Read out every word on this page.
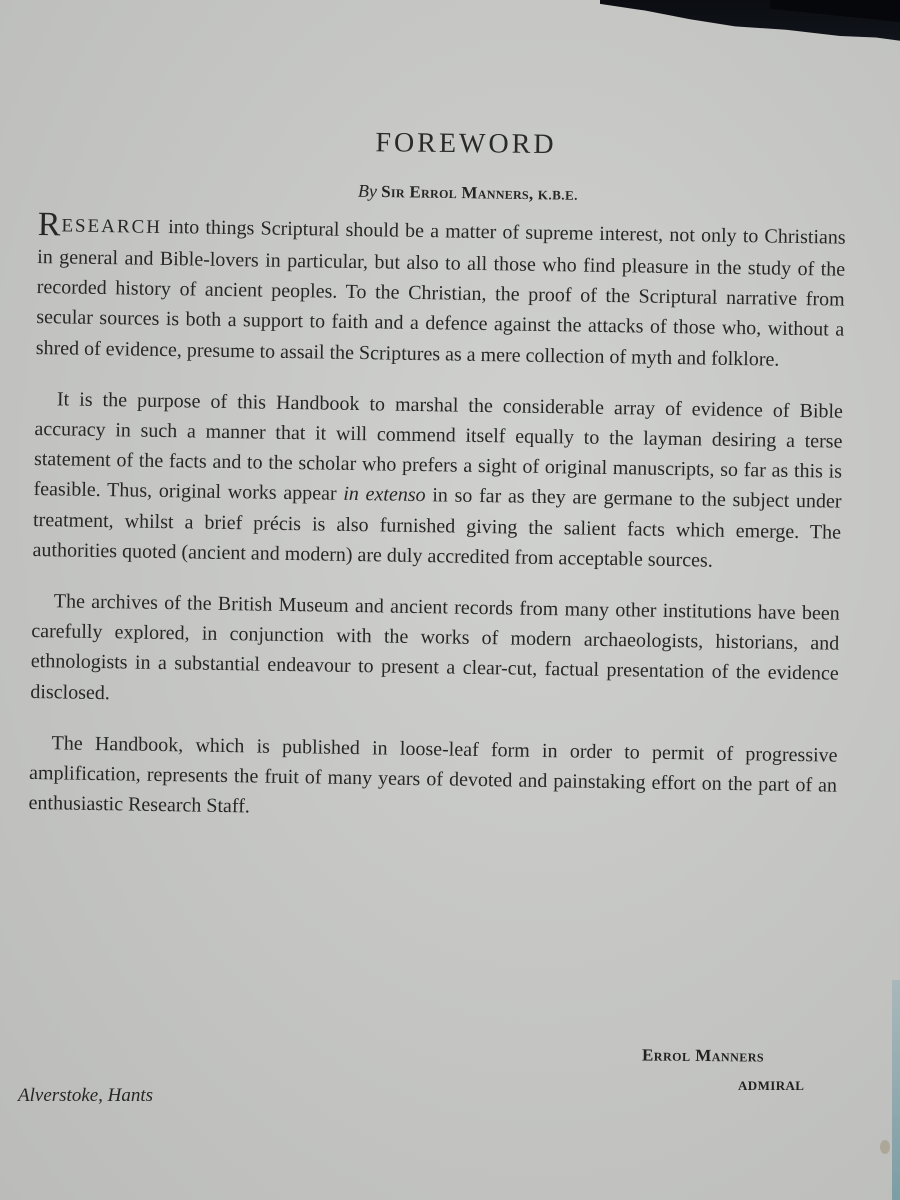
FOREWORD
By Sir Errol Manners, K.B.E.

RESEARCH into things Scriptural should be a matter of supreme interest, not only to Christians in general and Bible-lovers in particular, but also to all those who find pleasure in the study of the recorded history of ancient peoples. To the Christian, the proof of the Scriptural narrative from secular sources is both a support to faith and a defence against the attacks of those who, without a shred of evidence, presume to assail the Scriptures as a mere collection of myth and folklore.

It is the purpose of this Handbook to marshal the considerable array of evidence of Bible accuracy in such a manner that it will commend itself equally to the layman desiring a terse statement of the facts and to the scholar who prefers a sight of original manuscripts, so far as this is feasible. Thus, original works appear in extenso in so far as they are germane to the subject under treatment, whilst a brief précis is also furnished giving the salient facts which emerge. The authorities quoted (ancient and modern) are duly accredited from acceptable sources.

The archives of the British Museum and ancient records from many other institutions have been carefully explored, in conjunction with the works of modern archaeologists, historians, and ethnologists in a substantial endeavour to present a clear-cut, factual presentation of the evidence disclosed.

The Handbook, which is published in loose-leaf form in order to permit of progressive amplification, represents the fruit of many years of devoted and painstaking effort on the part of an enthusiastic Research Staff.

Errol Manners
ADMIRAL
Alverstoke, Hants
